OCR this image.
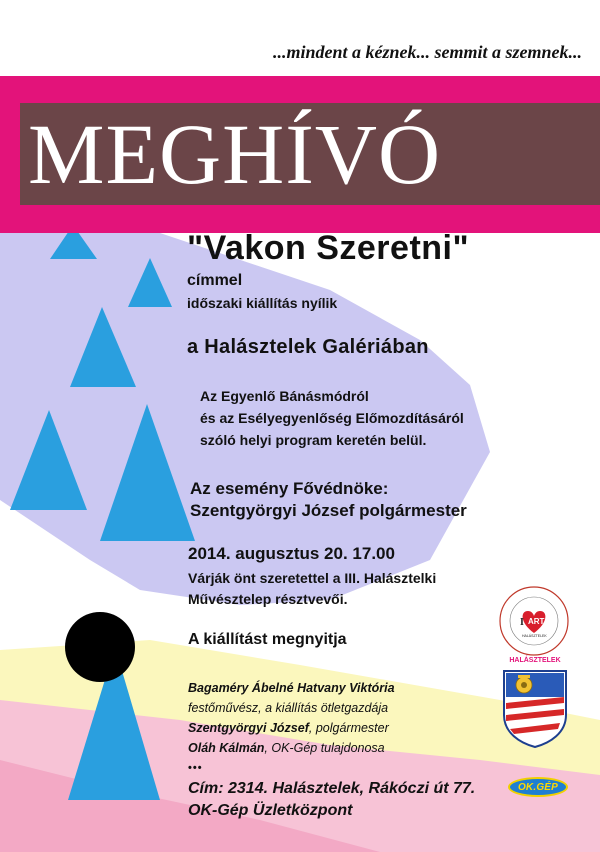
...mindent a kéznek... semmit a szemnek...
MEGHÍVÓ
"Vakon Szeretni"
címmel
időszaki kiállítás nyílik
a Halásztelek Galériában
Az Egyenlő Bánásmódról
és az Esélyegyenlőség Előmozdításáról
szóló helyi program keretén belül.
Az esemény Fővédnöke:
Szentgyörgyi József polgármester
2014. augusztus 20. 17.00
Várják önt szeretettel a III. Halásztelki
Művésztelep résztvevői.
A kiállítást megnyitja
Bagaméry Ábelné Hatvany Viktória
festőművész, a kiállítás ötletgazdája
Szentgyörgyi József, polgármester
Oláh Kálmán, OK-Gép tulajdonosa
•••
Cím: 2314. Halásztelek, Rákóczi út 77.
OK-Gép Üzletközpont
OK.GÉP
I ART
HALÁSZTELEK
HALÁSZTELEK
